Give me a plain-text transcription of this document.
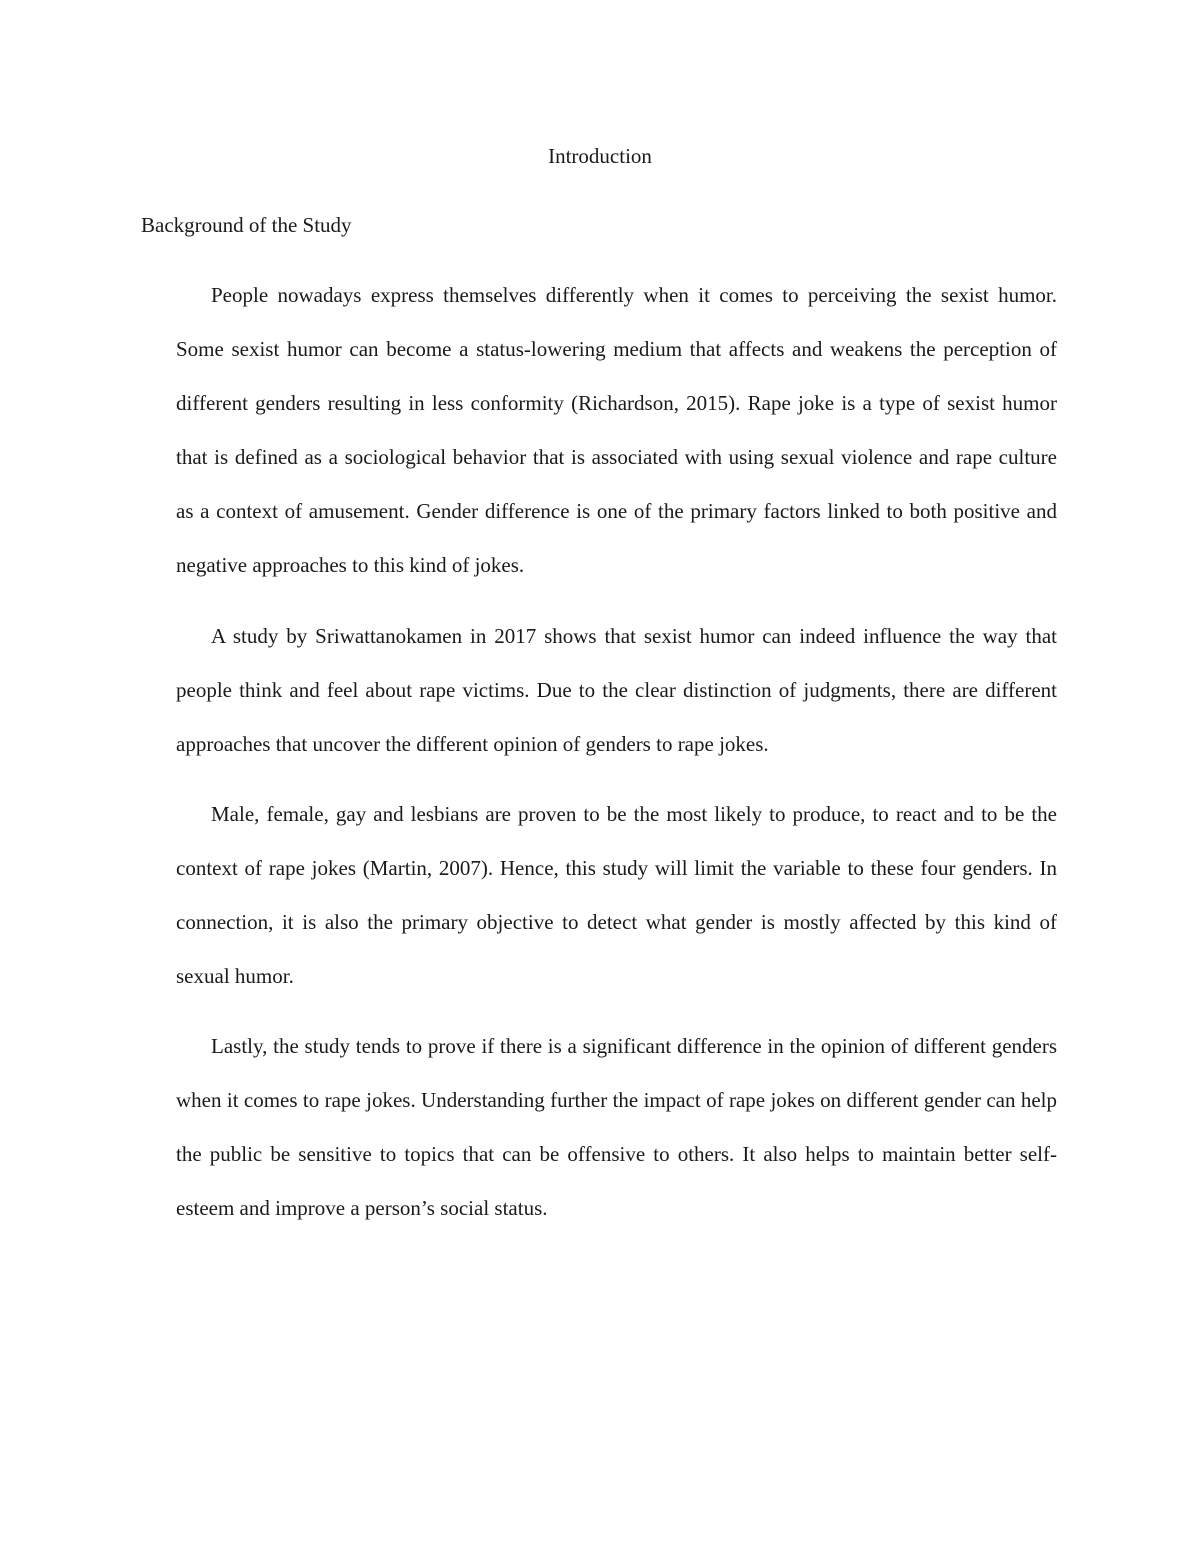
Introduction
Background of the Study

People nowadays express themselves differently when it comes to perceiving the sexist humor. Some sexist humor can become a status-lowering medium that affects and weakens the perception of different genders resulting in less conformity (Richardson, 2015). Rape joke is a type of sexist humor that is defined as a sociological behavior that is associated with using sexual violence and rape culture as a context of amusement. Gender difference is one of the primary factors linked to both positive and negative approaches to this kind of jokes.

A study by Sriwattanokamen in 2017 shows that sexist humor can indeed influence the way that people think and feel about rape victims. Due to the clear distinction of judgments, there are different approaches that uncover the different opinion of genders to rape jokes.

Male, female, gay and lesbians are proven to be the most likely to produce, to react and to be the context of rape jokes (Martin, 2007). Hence, this study will limit the variable to these four genders. In connection, it is also the primary objective to detect what gender is mostly affected by this kind of sexual humor.

Lastly, the study tends to prove if there is a significant difference in the opinion of different genders when it comes to rape jokes. Understanding further the impact of rape jokes on different gender can help the public be sensitive to topics that can be offensive to others. It also helps to maintain better self-esteem and improve a person’s social status.
